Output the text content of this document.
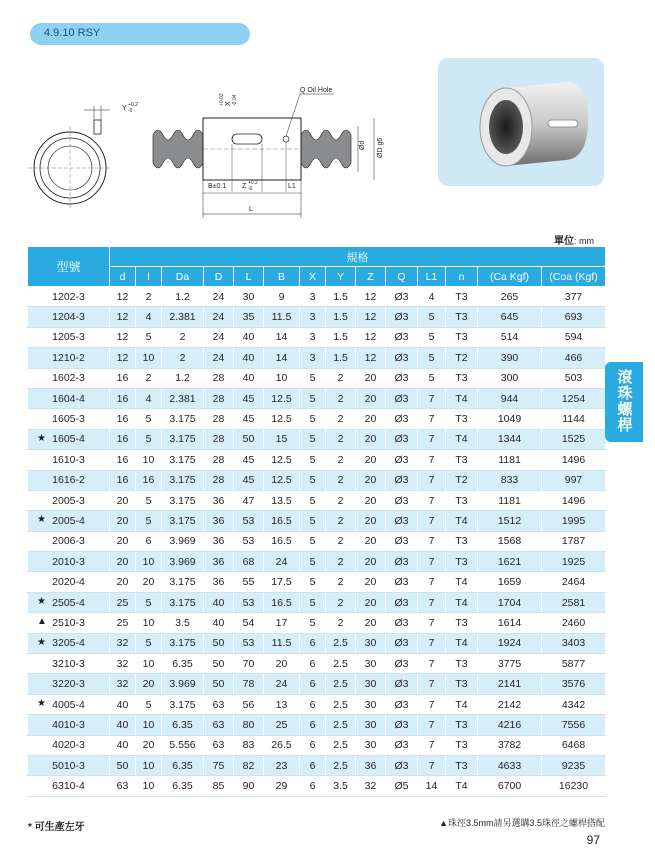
4.9.10 RSY
Y +0.2
-0
X
+0.02 -0.04
Q Oil Hole
Ød ØD g6
B±0.1 Z +0.2
-0	L1
L
單位: mm
型號	規格													
	d	l	Da	D	L	B	X	Y	Z	Q	L1	n	(Ca Kgf)	(Coa (Kgf)
1202-3	12	2	1.2	24	30	9	3	1.5	12	Ø3	4	T3	265	377
1204-3	12	4	2.381	24	35	11.5	3	1.5	12	Ø3	5	T3	645	693
1205-3	12	5	2	24	40	14	3	1.5	12	Ø3	5	T3	514	594
1210-2	12	10	2	24	40	14	3	1.5	12	Ø3	5	T2	390	466
1602-3	16	2	1.2	28	40	10	5	2	20	Ø3	5	T3	300	503
1604-4	16	4	2.381	28	45	12.5	5	2	20	Ø3	7	T4	944	1254
1605-3	16	5	3.175	28	45	12.5	5	2	20	Ø3	7	T3	1049	1144

★ 1605-4	16	5	3.175	28	50	15	5	2	20	Ø3	7	T4	1344	1525
1610-3	16	10	3.175	28	45	12.5	5	2	20	Ø3	7	T3	1181	1496
1616-2	16	16	3.175	28	45	12.5	5	2	20	Ø3	7	T2	833	997
2005-3	20	5	3.175	36	47	13.5	5	2	20	Ø3	7	T3	1181	1496

★ 2005-4	20	5	3.175	36	53	16.5	5	2	20	Ø3	7	T4	1512	1995
2006-3	20	6	3.969	36	53	16.5	5	2	20	Ø3	7	T3	1568	1787
2010-3	20	10	3.969	36	68	24	5	2	20	Ø3	7	T3	1621	1925
2020-4	20	20	3.175	36	55	17.5	5	2	20	Ø3	7	T4	1659	2464

★ 2505-4	25	5	3.175	40	53	16.5	5	2	20	Ø3	7	T4	1704	2581

▲ 2510-3	25	10	3.5	40	54	17	5	2	20	Ø3	7	T3	1614	2460

★ 3205-4	32	5	3.175	50	53	11.5	6	2.5	30	Ø3	7	T4	1924	3403
3210-3	32	10	6.35	50	70	20	6	2.5	30	Ø3	7	T3	3775	5877
3220-3	32	20	3.969	50	78	24	6	2.5	30	Ø3	7	T3	2141	3576

★ 4005-4	40	5	3.175	63	56	13	6	2.5	30	Ø3	7	T4	2142	4342
4010-3	40	10	6.35	63	80	25	6	2.5	30	Ø3	7	T3	4216	7556
4020-3	40	20	5.556	63	83	26.5	6	2.5	30	Ø3	7	T3	3782	6468
5010-3	50	10	6.35	75	82	23	6	2.5	36	Ø3	7	T3	4633	9235
6310-4	63	10	6.35	85	90	29	6	3.5	32	Ø5	14	T4	6700	16230
滾珠螺桿
* 可生產左牙	▲珠徑3.5mm請另選購3.5珠徑之螺桿搭配
97
